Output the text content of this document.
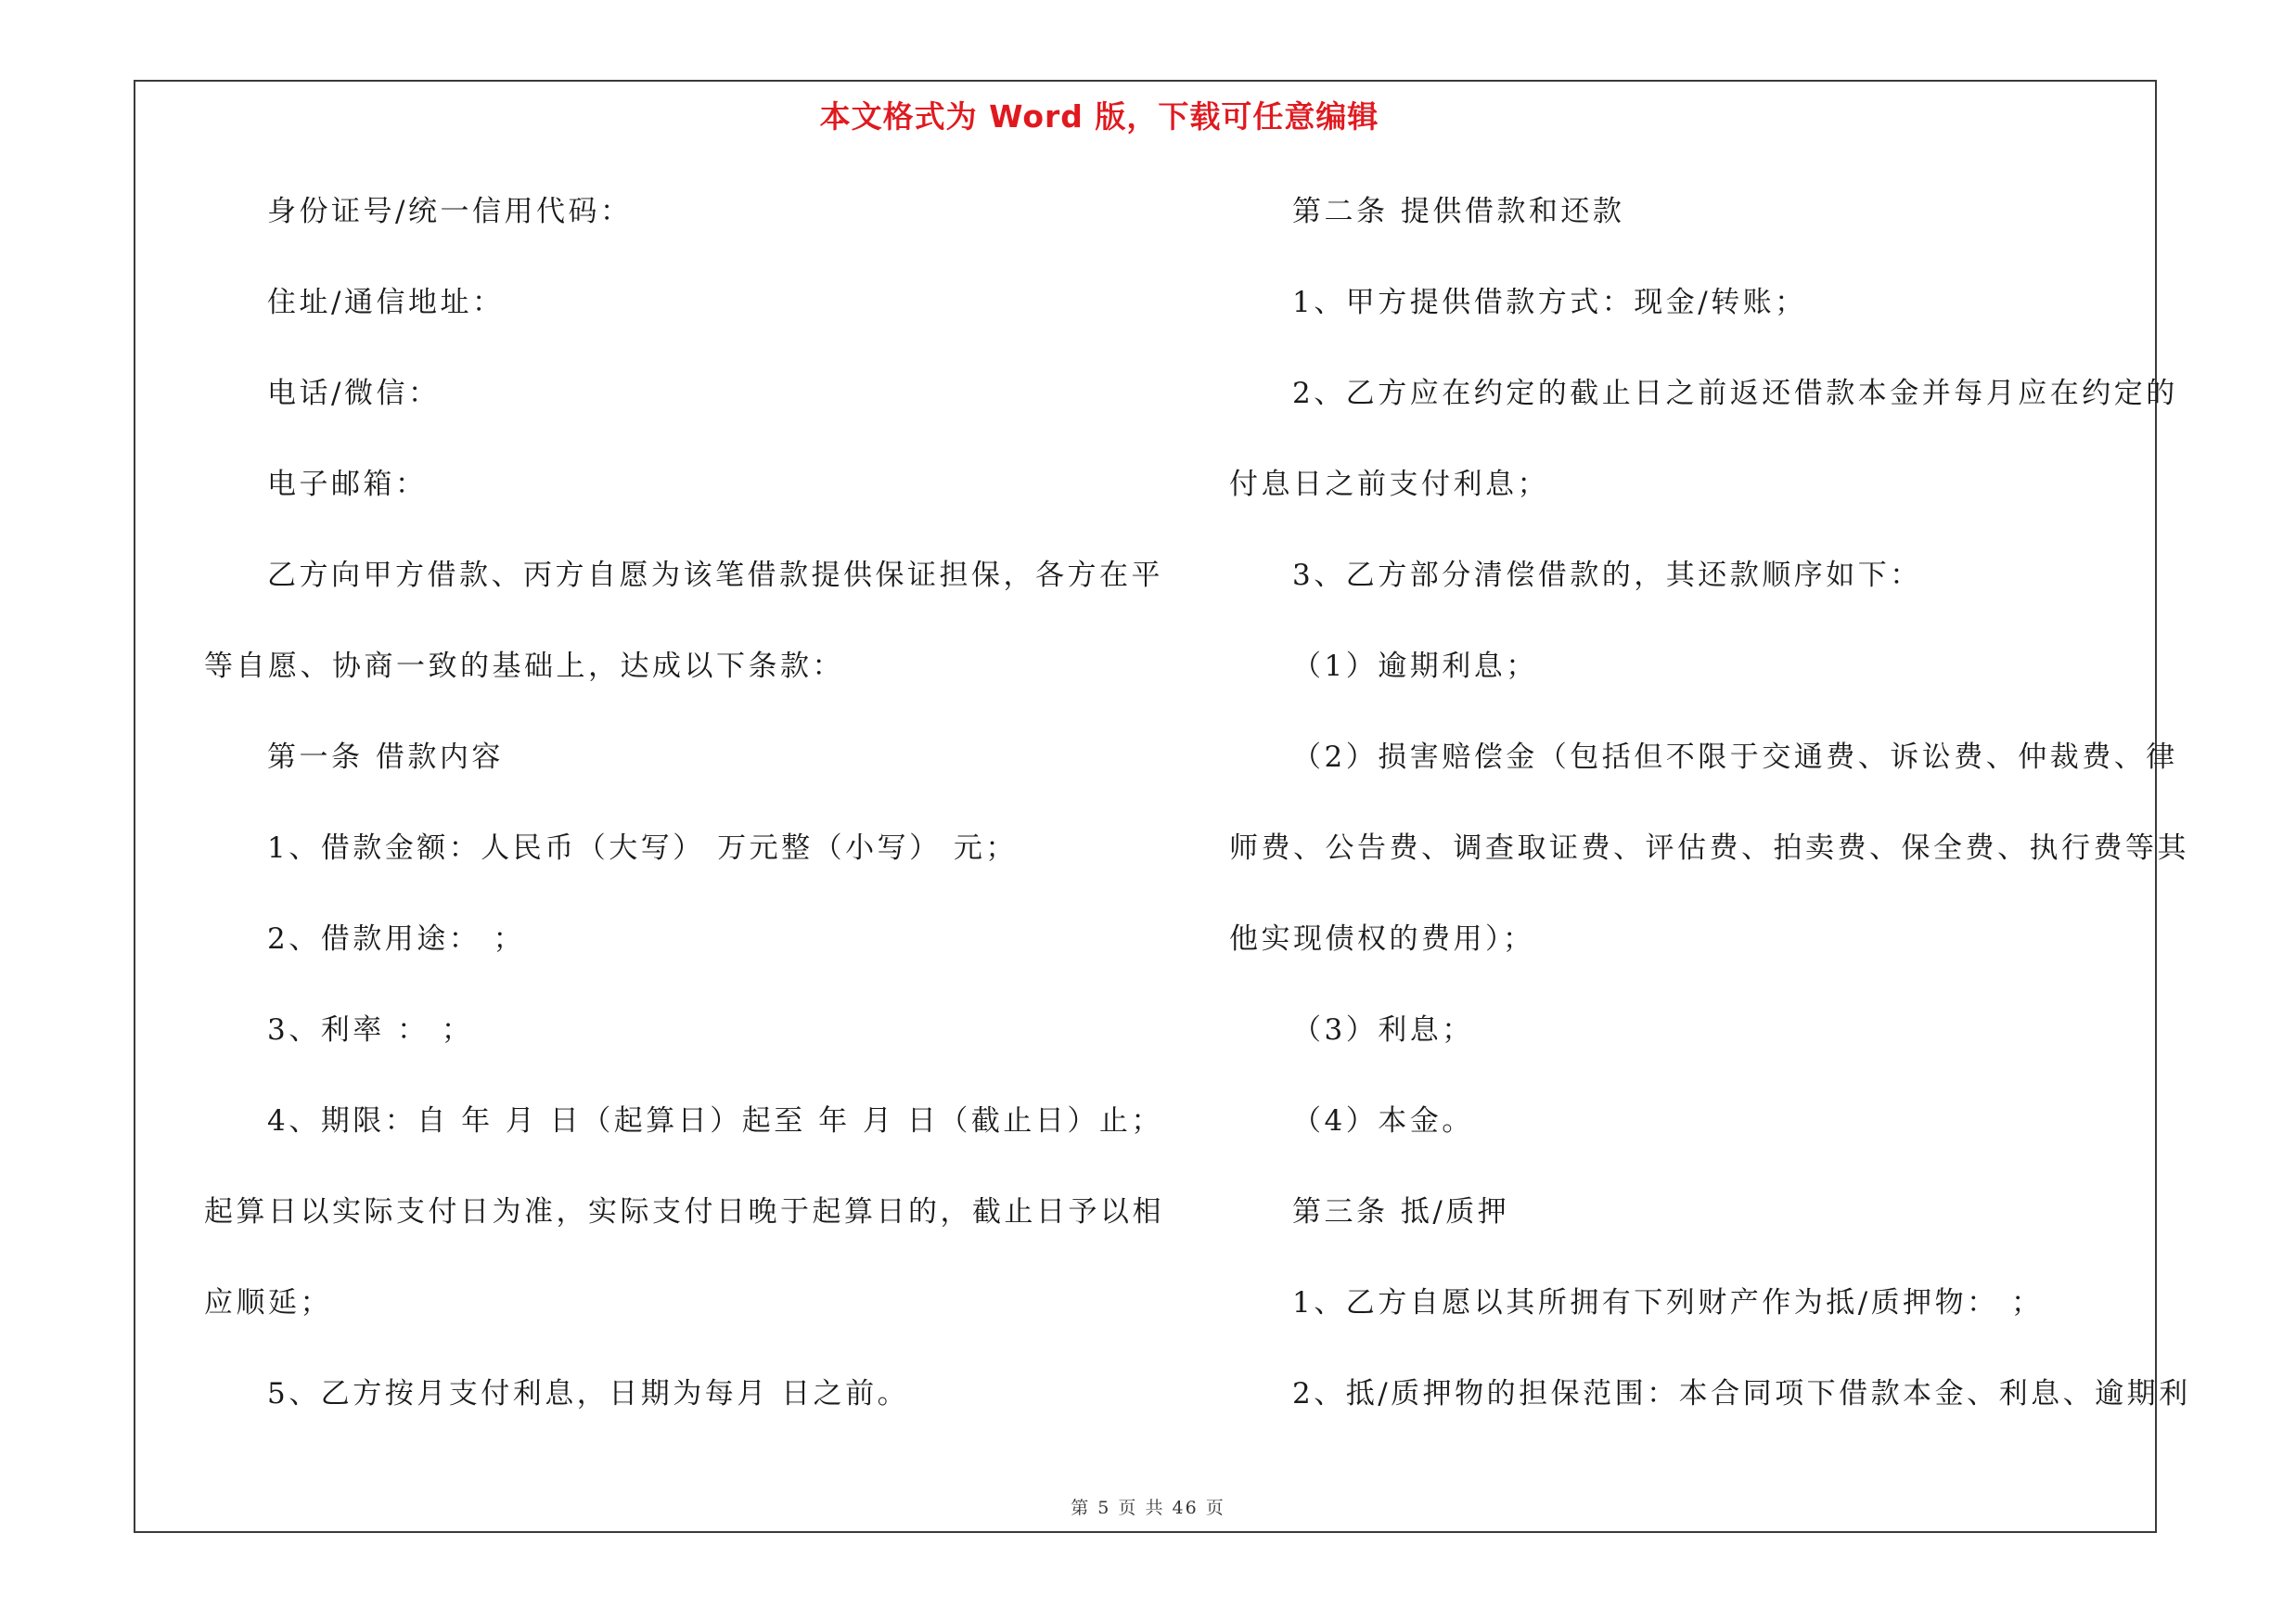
本文格式为 Word 版，下载可任意编辑
身份证号/统一信用代码：
住址/通信地址：
电话/微信：
电子邮箱：
乙方向甲方借款、丙方自愿为该笔借款提供保证担保，各方在平
等自愿、协商一致的基础上，达成以下条款：
第一条 借款内容
1、借款金额：人民币（大写） 万元整（小写） 元；
2、借款用途： ；
3、利率 ： ；
4、期限：自 年 月 日（起算日）起至 年 月 日（截止日）止；
起算日以实际支付日为准，实际支付日晚于起算日的，截止日予以相
应顺延；
5、乙方按月支付利息，日期为每月 日之前。
第二条 提供借款和还款
1、甲方提供借款方式：现金/转账；
2、乙方应在约定的截止日之前返还借款本金并每月应在约定的
付息日之前支付利息；
3、乙方部分清偿借款的，其还款顺序如下：
（1）逾期利息；
（2）损害赔偿金（包括但不限于交通费、诉讼费、仲裁费、律
师费、公告费、调查取证费、评估费、拍卖费、保全费、执行费等其
他实现债权的费用）；
（3）利息；
（4）本金。
第三条 抵/质押
1、乙方自愿以其所拥有下列财产作为抵/质押物： ；
2、抵/质押物的担保范围：本合同项下借款本金、利息、逾期利
第 5 页 共 46 页
